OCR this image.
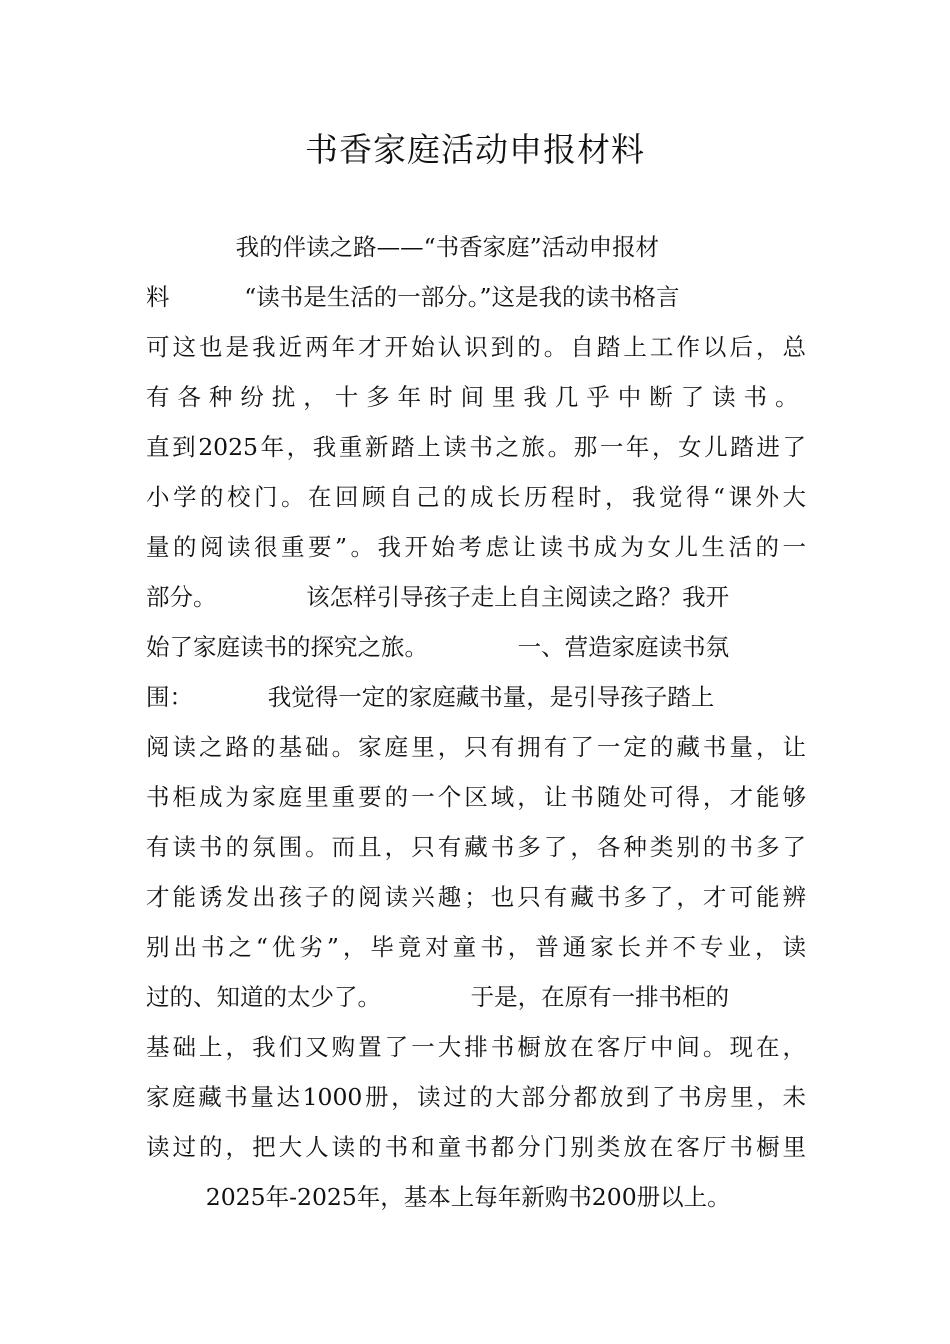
书香家庭活动申报材料
我的伴读之路——“书香家庭”活动申报材
料          “读书是生活的一部分。”这是我的读书格言
可这也是我近两年才开始认识到的。自踏上工作以后，总
有各种纷扰，十多年时间里我几乎中断了读书。
直到2025年，我重新踏上读书之旅。那一年，女儿踏进了
小学的校门。在回顾自己的成长历程时，我觉得“课外大
量的阅读很重要”。我开始考虑让读书成为女儿生活的一
部分。            该怎样引导孩子走上自主阅读之路？我开
始了家庭读书的探究之旅。            一、营造家庭读书氛
围：          我觉得一定的家庭藏书量，是引导孩子踏上
阅读之路的基础。家庭里，只有拥有了一定的藏书量，让
书柜成为家庭里重要的一个区域，让书随处可得，才能够
有读书的氛围。而且，只有藏书多了，各种类别的书多了
才能诱发出孩子的阅读兴趣；也只有藏书多了，才可能辨
别出书之“优劣”，毕竟对童书，普通家长并不专业，读
过的、知道的太少了。            于是，在原有一排书柜的
基础上，我们又购置了一大排书橱放在客厅中间。现在，
家庭藏书量达1000册，读过的大部分都放到了书房里，未
读过的，把大人读的书和童书都分门别类放在客厅书橱里
2025年-2025年，基本上每年新购书200册以上。
